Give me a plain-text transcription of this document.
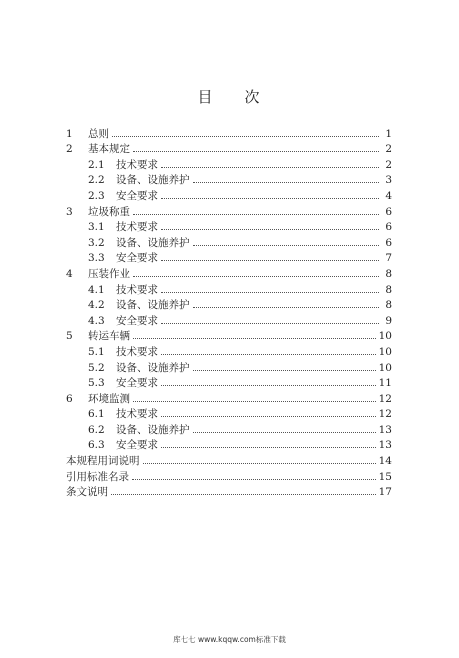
目 次
1	总则	1
2	基本规定	2
2.1	技术要求	2
2.2	设备、设施养护	3
2.3	安全要求	4
3	垃圾称重	6
3.1	技术要求	6
3.2	设备、设施养护	6
3.3	安全要求	7
4	压装作业	8
4.1	技术要求	8
4.2	设备、设施养护	8
4.3	安全要求	9
5	转运车辆	10
5.1	技术要求	10
5.2	设备、设施养护	10
5.3	安全要求	11
6	环境监测	12
6.1	技术要求	12
6.2	设备、设施养护	13
6.3	安全要求	13
本规程用词说明	14
引用标准名录	15
条文说明	17
库七七 www.kqqw.com标准下载
